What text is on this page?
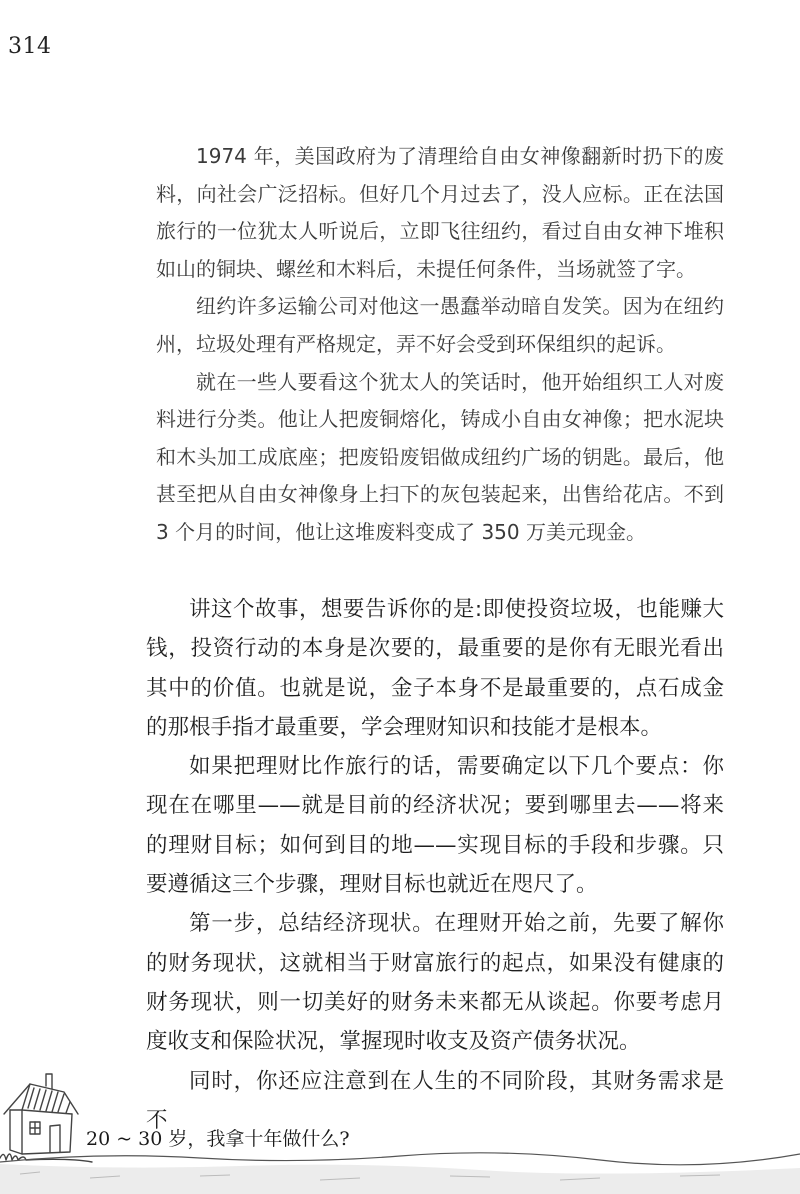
314

1974 年，美国政府为了清理给自由女神像翻新时扔下的废料，向社会广泛招标。但好几个月过去了，没人应标。正在法国旅行的一位犹太人听说后，立即飞往纽约，看过自由女神下堆积如山的铜块、螺丝和木料后，未提任何条件，当场就签了字。

纽约许多运输公司对他这一愚蠢举动暗自发笑。因为在纽约州，垃圾处理有严格规定，弄不好会受到环保组织的起诉。

就在一些人要看这个犹太人的笑话时，他开始组织工人对废料进行分类。他让人把废铜熔化，铸成小自由女神像；把水泥块和木头加工成底座；把废铅废铝做成纽约广场的钥匙。最后，他甚至把从自由女神像身上扫下的灰包装起来，出售给花店。不到 3 个月的时间，他让这堆废料变成了 350 万美元现金。

讲这个故事，想要告诉你的是:即使投资垃圾，也能赚大钱，投资行动的本身是次要的，最重要的是你有无眼光看出其中的价值。也就是说，金子本身不是最重要的，点石成金的那根手指才最重要，学会理财知识和技能才是根本。

如果把理财比作旅行的话，需要确定以下几个要点：你现在在哪里——就是目前的经济状况；要到哪里去——将来的理财目标；如何到目的地——实现目标的手段和步骤。只要遵循这三个步骤，理财目标也就近在咫尺了。

第一步，总结经济现状。在理财开始之前，先要了解你的财务现状，这就相当于财富旅行的起点，如果没有健康的财务现状，则一切美好的财务未来都无从谈起。你要考虑月度收支和保险状况，掌握现时收支及资产债务状况。

同时，你还应注意到在人生的不同阶段，其财务需求是不

20 ~ 30 岁，我拿十年做什么?
